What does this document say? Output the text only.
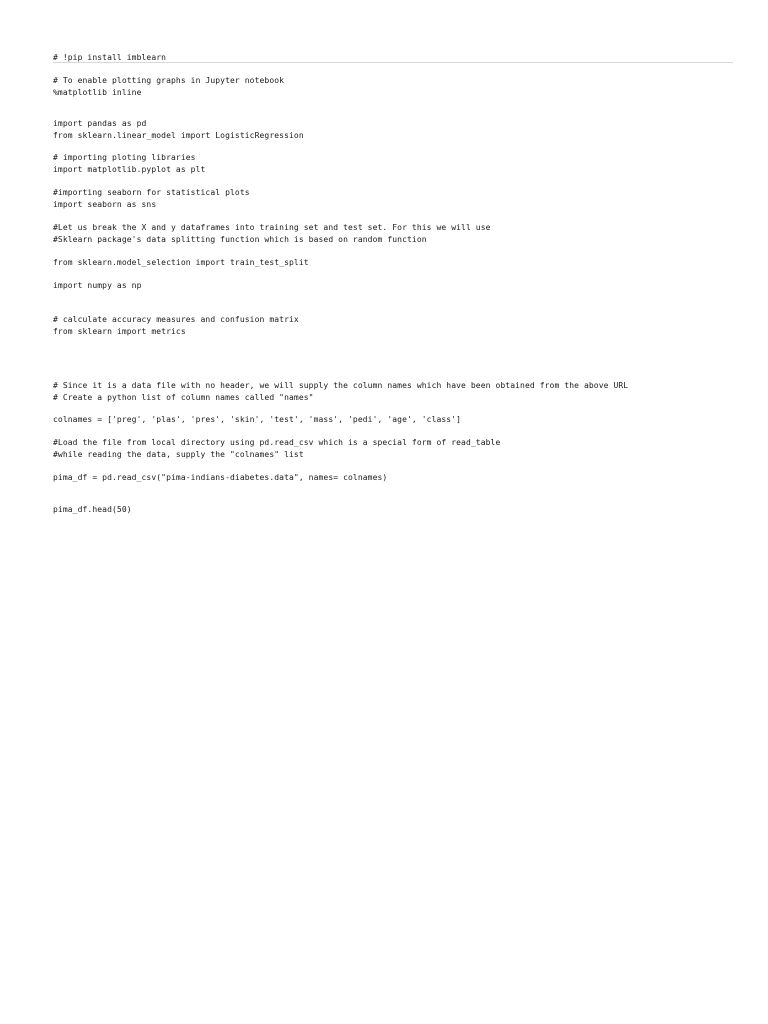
# !pip install imblearn
# To enable plotting graphs in Jupyter notebook
%matplotlib inline
import pandas as pd
from sklearn.linear_model import LogisticRegression
# importing ploting libraries
import matplotlib.pyplot as plt
#importing seaborn for statistical plots
import seaborn as sns
#Let us break the X and y dataframes into training set and test set. For this we will use
#Sklearn package's data splitting function which is based on random function
from sklearn.model_selection import train_test_split
import numpy as np
# calculate accuracy measures and confusion matrix
from sklearn import metrics
# Since it is a data file with no header, we will supply the column names which have been obtained from the above URL
# Create a python list of column names called "names"
colnames = ['preg', 'plas', 'pres', 'skin', 'test', 'mass', 'pedi', 'age', 'class']
#Load the file from local directory using pd.read_csv which is a special form of read_table
#while reading the data, supply the "colnames" list
pima_df = pd.read_csv("pima-indians-diabetes.data", names= colnames)
pima_df.head(50)
